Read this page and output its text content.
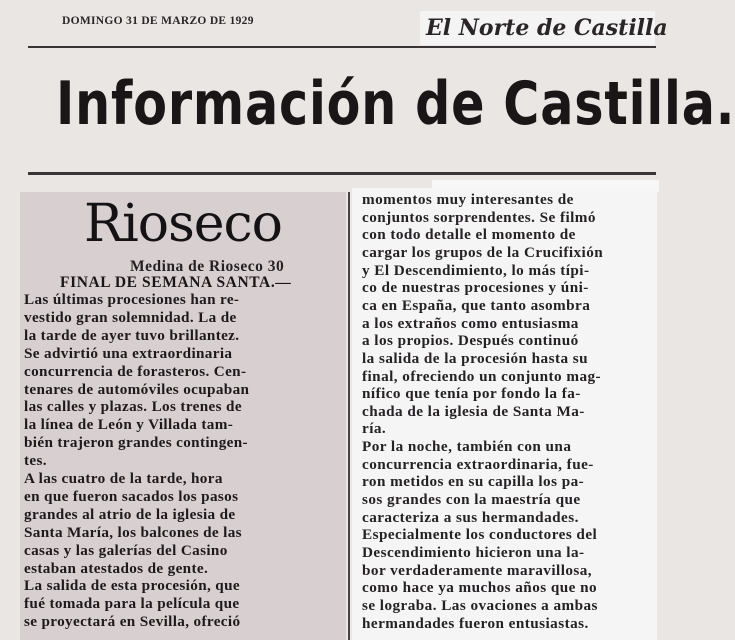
DOMINGO 31 DE MARZO DE 1929	El Norte de Castilla
Información de Castilla.
Rioseco
Medina de Rioseco 30
FINAL DE SEMANA SANTA.—
Las últimas procesiones han re-
vestido gran solemnidad. La de
la tarde de ayer tuvo brillantez.
Se advirtió una extraordinaria
concurrencia de forasteros. Cen-
tenares de automóviles ocupaban
las calles y plazas. Los trenes de
la línea de León y Villada tam-
bién trajeron grandes contingen-
tes.
A las cuatro de la tarde, hora
en que fueron sacados los pasos
grandes al atrio de la iglesia de
Santa María, los balcones de las
casas y las galerías del Casino
estaban atestados de gente.
La salida de esta procesión, que
fué tomada para la película que
se proyectará en Sevilla, ofreció
momentos muy interesantes de
conjuntos sorprendentes. Se filmó
con todo detalle el momento de
cargar los grupos de la Crucifixión
y El Descendimiento, lo más típi-
co de nuestras procesiones y úni-
ca en España, que tanto asombra
a los extraños como entusiasma
a los propios. Después continuó
la salida de la procesión hasta su
final, ofreciendo un conjunto mag-
nífico que tenía por fondo la fa-
chada de la iglesia de Santa Ma-
ría.
Por la noche, también con una
concurrencia extraordinaria, fue-
ron metidos en su capilla los pa-
sos grandes con la maestría que
caracteriza a sus hermandades.
Especialmente los conductores del
Descendimiento hicieron una la-
bor verdaderamente maravillosa,
como hace ya muchos años que no
se lograba. Las ovaciones a ambas
hermandades fueron entusiastas.
